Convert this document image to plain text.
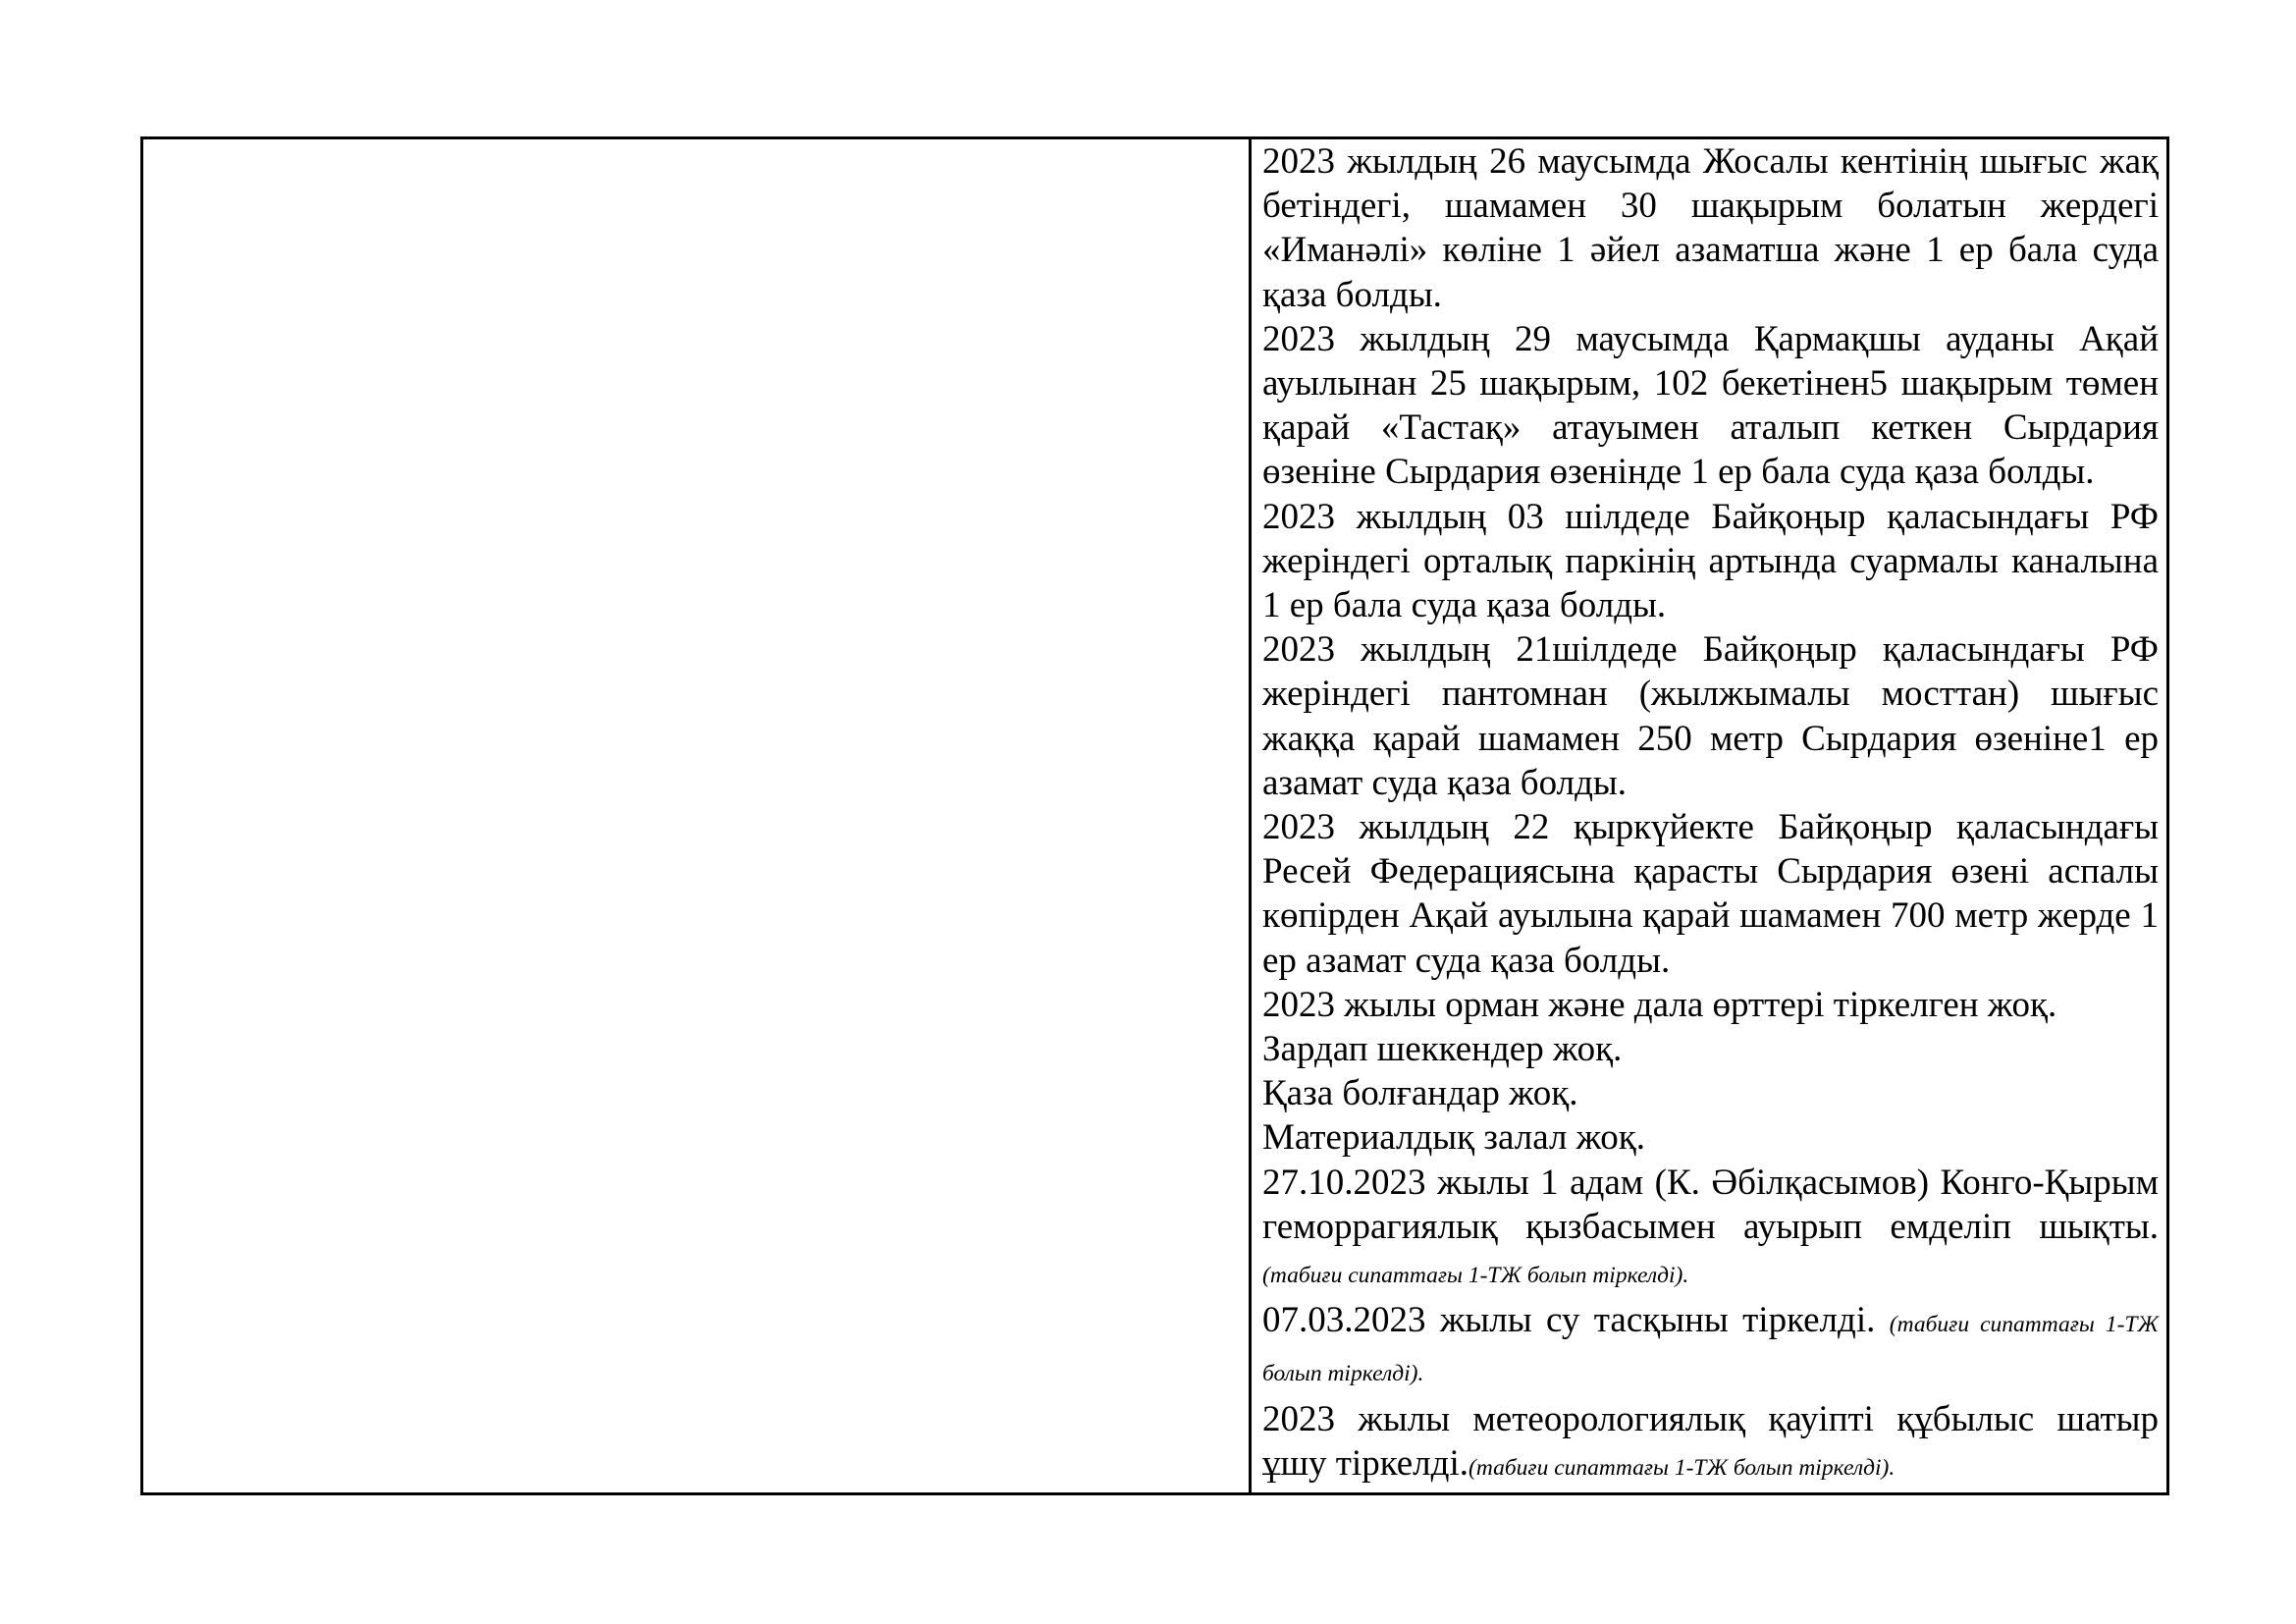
2023 жылдың 26 маусымда Жосалы кентінің шығыс жақ бетіндегі, шамамен 30 шақырым болатын жердегі «Иманәлі» көліне 1 әйел азаматша және 1 ер бала суда қаза болды.

2023 жылдың 29 маусымда Қармақшы ауданы Ақай ауылынан 25 шақырым, 102 бекетінен5 шақырым төмен қарай «Тастақ» атауымен аталып кеткен Сырдария өзеніне Сырдария өзенінде 1 ер бала суда қаза болды.

2023 жылдың 03 шілдеде Байқоңыр қаласындағы РФ жеріндегі орталық паркінің артында суармалы каналына 1 ер бала суда қаза болды.

2023 жылдың 21шілдеде Байқоңыр қаласындағы РФ жеріндегі пантомнан (жылжымалы мосттан) шығыс жаққа қарай шамамен 250 метр Сырдария өзеніне1 ер азамат суда қаза болды.

2023 жылдың 22 қыркүйекте Байқоңыр қаласындағы Ресей Федерациясына қарасты Сырдария өзені аспалы көпірден Ақай ауылына қарай шамамен 700 метр жерде 1 ер азамат суда қаза болды.

2023 жылы орман және дала өрттері тіркелген жоқ.

Зардап шеккендер жоқ.

Қаза болғандар жоқ.

Материалдық залал жоқ.

27.10.2023 жылы 1 адам (К. Әбілқасымов) Конго-Қырым геморрагиялық қызбасымен ауырып емделіп шықты. (табиғи сипаттағы 1-ТЖ болып тіркелді).

07.03.2023 жылы су тасқыны тіркелді. (табиғи сипаттағы 1-ТЖ болып тіркелді).

2023 жылы метеорологиялық қауіпті құбылыс шатыр ұшу тіркелді.(табиғи сипаттағы 1-ТЖ болып тіркелді).
